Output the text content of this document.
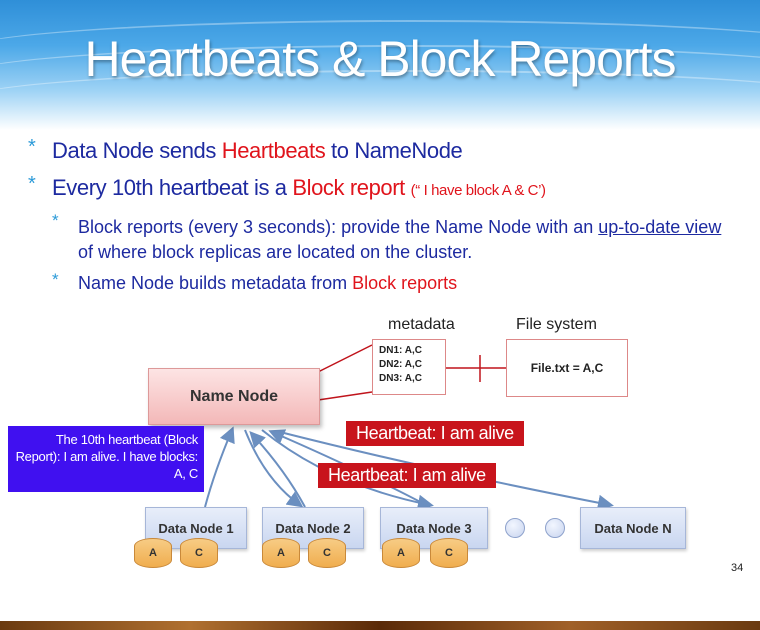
Heartbeats & Block Reports
* Data Node sends Heartbeats to NameNode
* Every 10th heartbeat is a Block report (“ I have block A & C’)
* Block reports (every 3 seconds): provide the Name Node with an up-to-date view of where block replicas are located on the cluster.
* Name Node builds metadata from Block reports
metadata	File system
DN1: A,C
DN2: A,C
DN3: A,C
File.txt = A,C
Name Node
Heartbeat: I am alive
Heartbeat: I am alive
The 10th heartbeat (Block Report): I am alive. I have blocks: A, C
Data Node 1	Data Node 2	Data Node 3	Data Node N
A	C	A	C	A	C
34
